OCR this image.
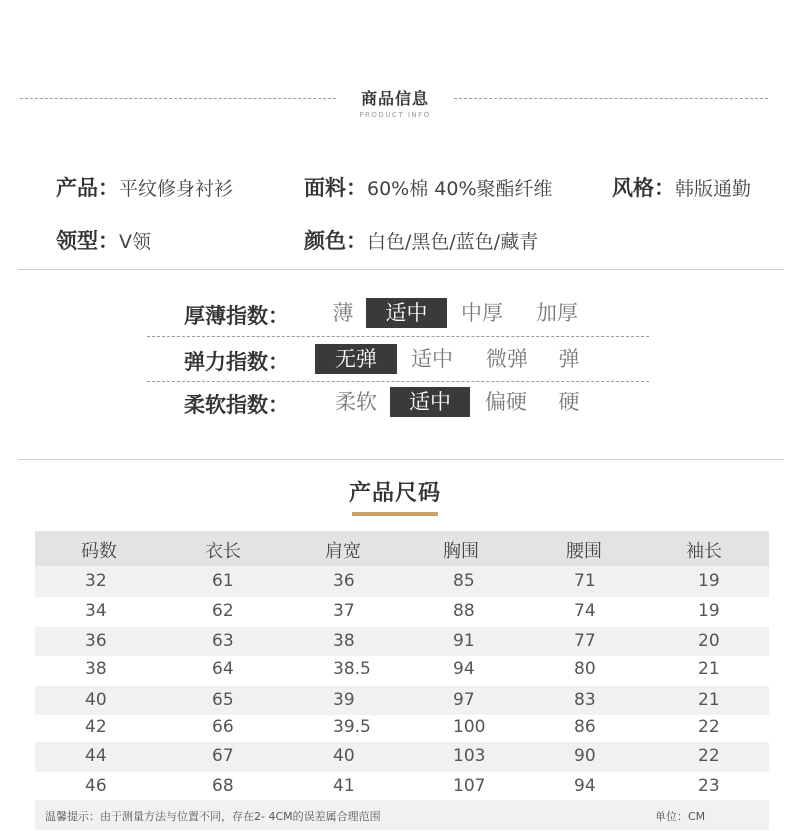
商品信息
PRODUCT INFO
产品：平纹修身衬衫	面料：60%棉 40%聚酯纤维	风格：韩版通勤
领型：V领	颜色：白色/黑色/蓝色/藏青
厚薄指数：	薄	适中	中厚	加厚
弹力指数：	无弹	适中	微弹	弹
柔软指数：	柔软	适中	偏硬	硬
产品尺码
码数	衣长	肩宽	胸围	腰围	袖长
32	61	36	85	71	19
34	62	37	88	74	19
36	63	38	91	77	20
38	64	38.5	94	80	21
40	65	39	97	83	21
42	66	39.5	100	86	22
44	67	40	103	90	22
46	68	41	107	94	23
温馨提示：由于测量方法与位置不同，存在2- 4CM的误差属合理范围	单位：CM
